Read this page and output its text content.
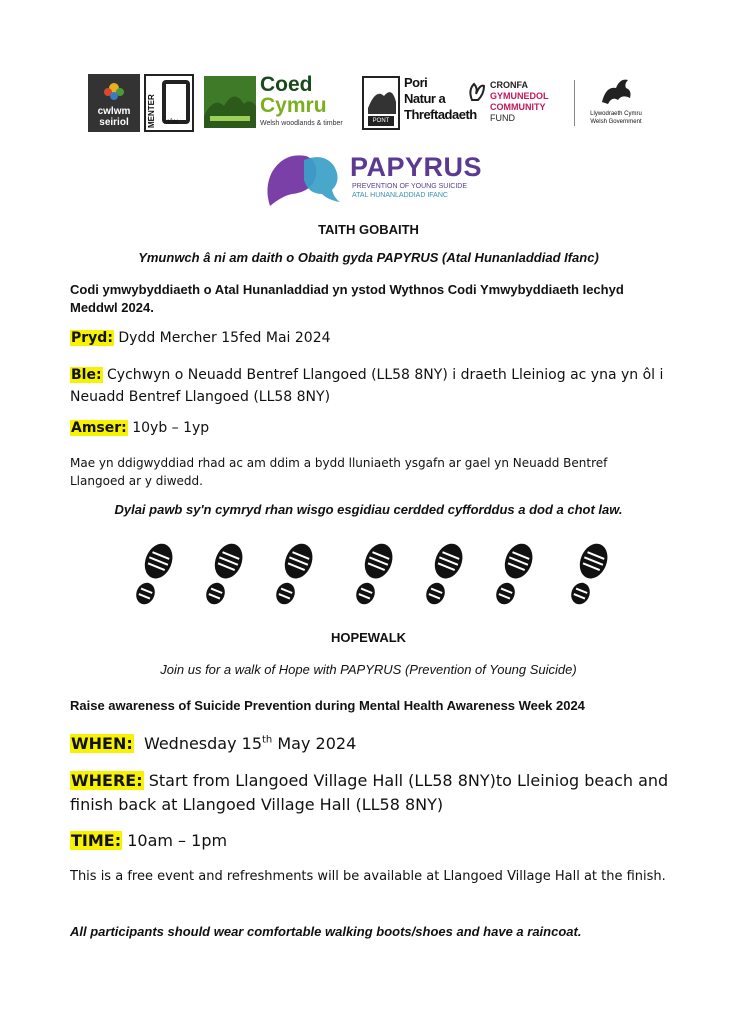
cwlwm
seiriol	MENTER	MÔN
Coed
Cymru
Welsh woodlands & timber	PONT
Pori
Natur a
Threftadaeth
CRONFA
GYMUNEDOL
COMMUNITY
FUND	Llywodraeth Cymru
Welsh Government
PAPYRUS
PREVENTION OF YOUNG SUICIDE
ATAL HUNANLADDIAD IFANC
TAITH GOBAITH
Ymunwch â ni am daith o Obaith gyda PAPYRUS (Atal Hunanladdiad Ifanc)
Codi ymwybyddiaeth o Atal Hunanladdiad yn ystod Wythnos Codi Ymwybyddiaeth Iechyd Meddwl 2024.
Pryd: Dydd Mercher 15fed Mai 2024
Ble: Cychwyn o Neuadd Bentref Llangoed (LL58 8NY) i draeth Lleiniog ac yna yn ôl i Neuadd Bentref Llangoed (LL58 8NY)
Amser: 10yb – 1yp
Mae yn ddigwyddiad rhad ac am ddim a bydd lluniaeth ysgafn ar gael yn Neuadd Bentref Llangoed ar y diwedd.
Dylai pawb sy'n cymryd rhan wisgo esgidiau cerdded cyfforddus a dod a chot law.
HOPEWALK
Join us for a walk of Hope with PAPYRUS (Prevention of Young Suicide)
Raise awareness of Suicide Prevention during Mental Health Awareness Week 2024
WHEN: Wednesday 15th May 2024
WHERE: Start from Llangoed Village Hall (LL58 8NY)to Lleiniog beach and finish back at Llangoed Village Hall (LL58 8NY)
TIME: 10am – 1pm
This is a free event and refreshments will be available at Llangoed Village Hall at the finish.
All participants should wear comfortable walking boots/shoes and have a raincoat.
